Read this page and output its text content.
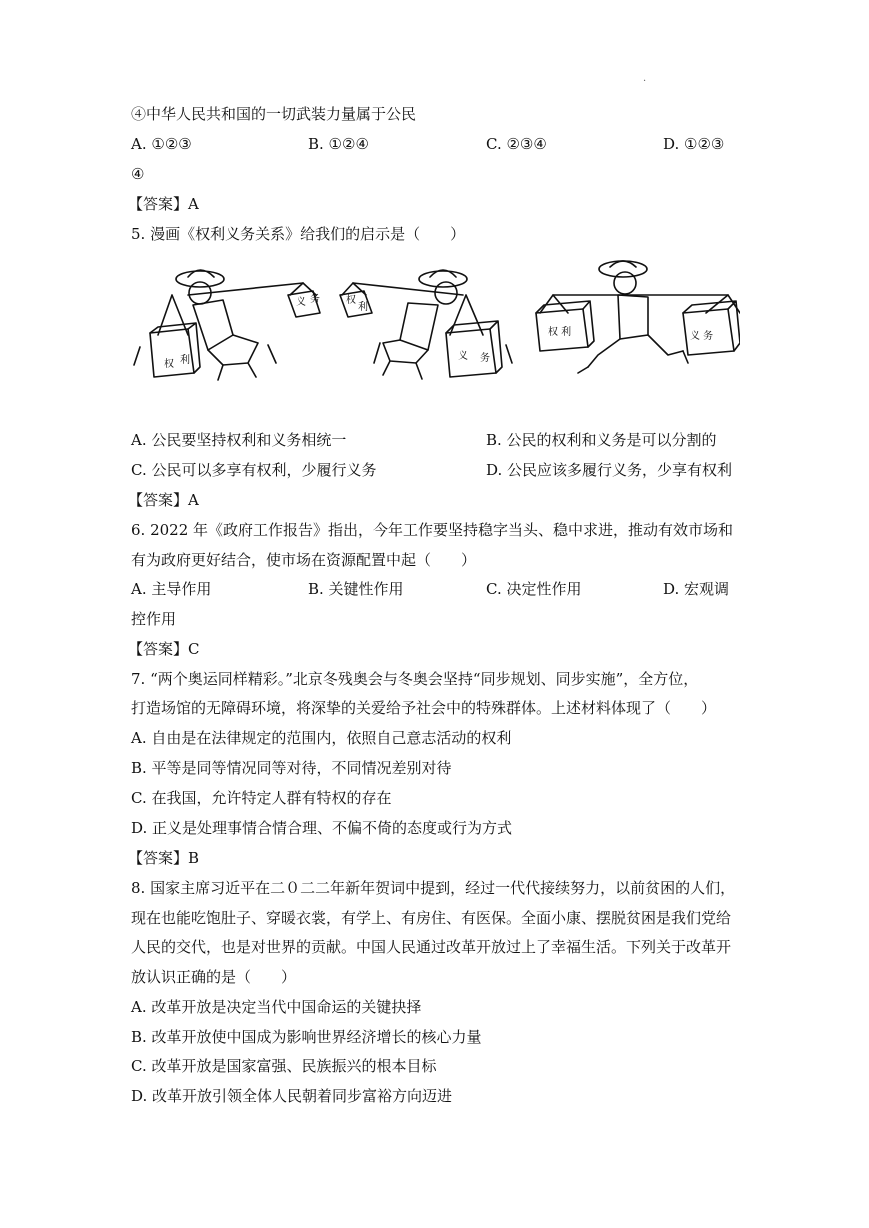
·
④中华人民共和国的一切武装力量属于公民
A. ①②③	B. ①②④	C. ②③④	D. ①②③
④
【答案】A
5. 漫画《权利义务关系》给我们的启示是（　　）
权 利
义 务	权
利
义 务
权 利	义 务
A. 公民要坚持权利和义务相统一	B. 公民的权利和义务是可以分割的
C. 公民可以多享有权利，少履行义务	D. 公民应该多履行义务，少享有权利
【答案】A
6. 2022 年《政府工作报告》指出，今年工作要坚持稳字当头、稳中求进，推动有效市场和
有为政府更好结合，使市场在资源配置中起（　　）
A. 主导作用	B. 关键性作用	C. 决定性作用	D. 宏观调
控作用
【答案】C
7. “两个奥运同样精彩。”北京冬残奥会与冬奥会坚持“同步规划、同步实施”，全方位，
打造场馆的无障碍环境，将深挚的关爱给予社会中的特殊群体。上述材料体现了（　　）
A. 自由是在法律规定的范围内，依照自己意志活动的权利
B. 平等是同等情况同等对待，不同情况差别对待
C. 在我国，允许特定人群有特权的存在
D. 正义是处理事情合情合理、不偏不倚的态度或行为方式
【答案】B
8. 国家主席习近平在二０二二年新年贺词中提到，经过一代代接续努力，以前贫困的人们，
现在也能吃饱肚子、穿暖衣裳，有学上、有房住、有医保。全面小康、摆脱贫困是我们党给
人民的交代，也是对世界的贡献。中国人民通过改革开放过上了幸福生活。下列关于改革开
放认识正确的是（　　）
A. 改革开放是决定当代中国命运的关键抉择
B. 改革开放使中国成为影响世界经济增长的核心力量
C. 改革开放是国家富强、民族振兴的根本目标
D. 改革开放引领全体人民朝着同步富裕方向迈进
